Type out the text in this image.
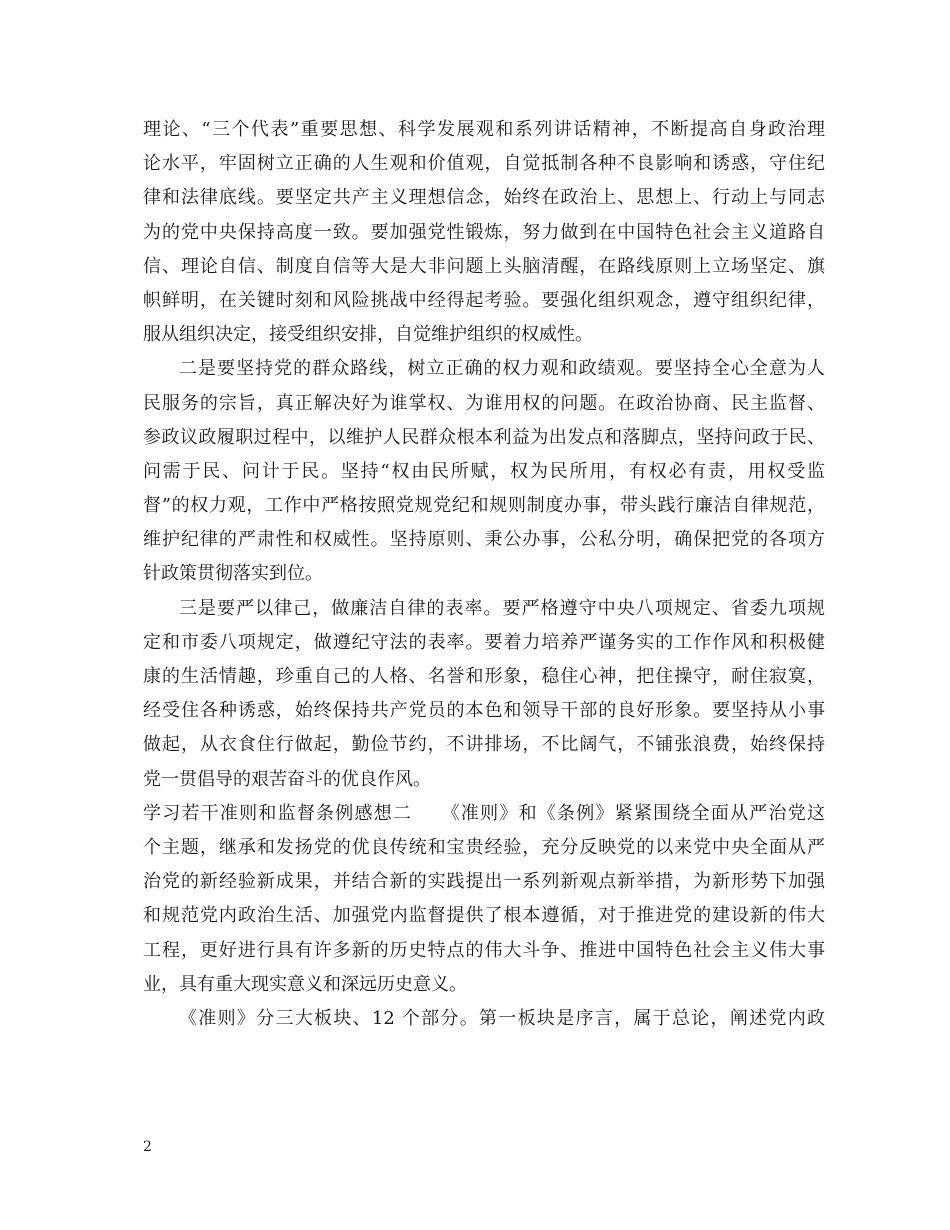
理论、“三个代表”重要思想、科学发展观和系列讲话精神，不断提高自身政治理
论水平，牢固树立正确的人生观和价值观，自觉抵制各种不良影响和诱惑，守住纪
律和法律底线。要坚定共产主义理想信念，始终在政治上、思想上、行动上与同志
为的党中央保持高度一致。要加强党性锻炼，努力做到在中国特色社会主义道路自
信、理论自信、制度自信等大是大非问题上头脑清醒，在路线原则上立场坚定、旗
帜鲜明，在关键时刻和风险挑战中经得起考验。要强化组织观念，遵守组织纪律，
服从组织决定，接受组织安排，自觉维护组织的权威性。
二是要坚持党的群众路线，树立正确的权力观和政绩观。要坚持全心全意为人
民服务的宗旨，真正解决好为谁掌权、为谁用权的问题。在政治协商、民主监督、
参政议政履职过程中，以维护人民群众根本利益为出发点和落脚点，坚持问政于民、
问需于民、问计于民。坚持“权由民所赋，权为民所用，有权必有责，用权受监
督”的权力观，工作中严格按照党规党纪和规则制度办事，带头践行廉洁自律规范，
维护纪律的严肃性和权威性。坚持原则、秉公办事，公私分明，确保把党的各项方
针政策贯彻落实到位。
三是要严以律己，做廉洁自律的表率。要严格遵守中央八项规定、省委九项规
定和市委八项规定，做遵纪守法的表率。要着力培养严谨务实的工作作风和积极健
康的生活情趣，珍重自己的人格、名誉和形象，稳住心神，把住操守，耐住寂寞，
经受住各种诱惑，始终保持共产党员的本色和领导干部的良好形象。要坚持从小事
做起，从衣食住行做起，勤俭节约，不讲排场，不比阔气，不铺张浪费，始终保持
党一贯倡导的艰苦奋斗的优良作风。
学习若干准则和监督条例感想二　　《准则》和《条例》紧紧围绕全面从严治党这
个主题，继承和发扬党的优良传统和宝贵经验，充分反映党的以来党中央全面从严
治党的新经验新成果，并结合新的实践提出一系列新观点新举措，为新形势下加强
和规范党内政治生活、加强党内监督提供了根本遵循，对于推进党的建设新的伟大
工程，更好进行具有许多新的历史特点的伟大斗争、推进中国特色社会主义伟大事
业，具有重大现实意义和深远历史意义。
《准则》分三大板块、12 个部分。第一板块是序言，属于总论，阐述党内政
2
